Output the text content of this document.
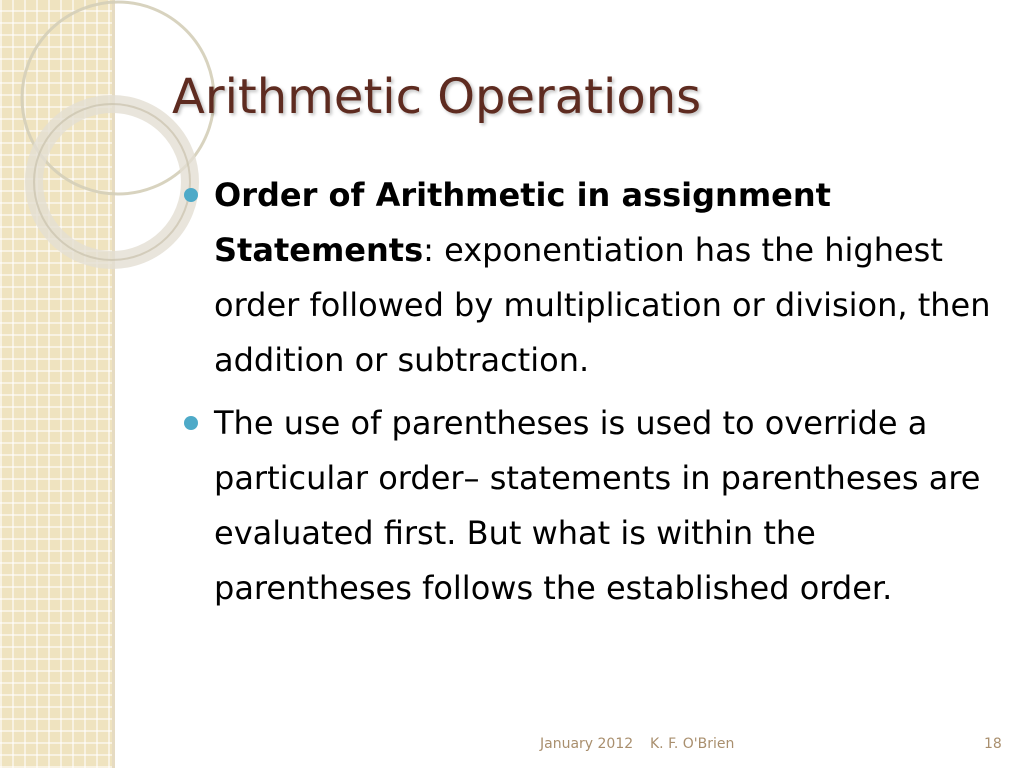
Arithmetic Operations
Order of Arithmetic in assignment Statements: exponentiation has the highest order followed by multiplication or division, then addition or subtraction.
The use of parentheses is used to override a particular order– statements in parentheses are evaluated first. But what is within the parentheses follows the established order.
January 2012 K. F. O'Brien	18
